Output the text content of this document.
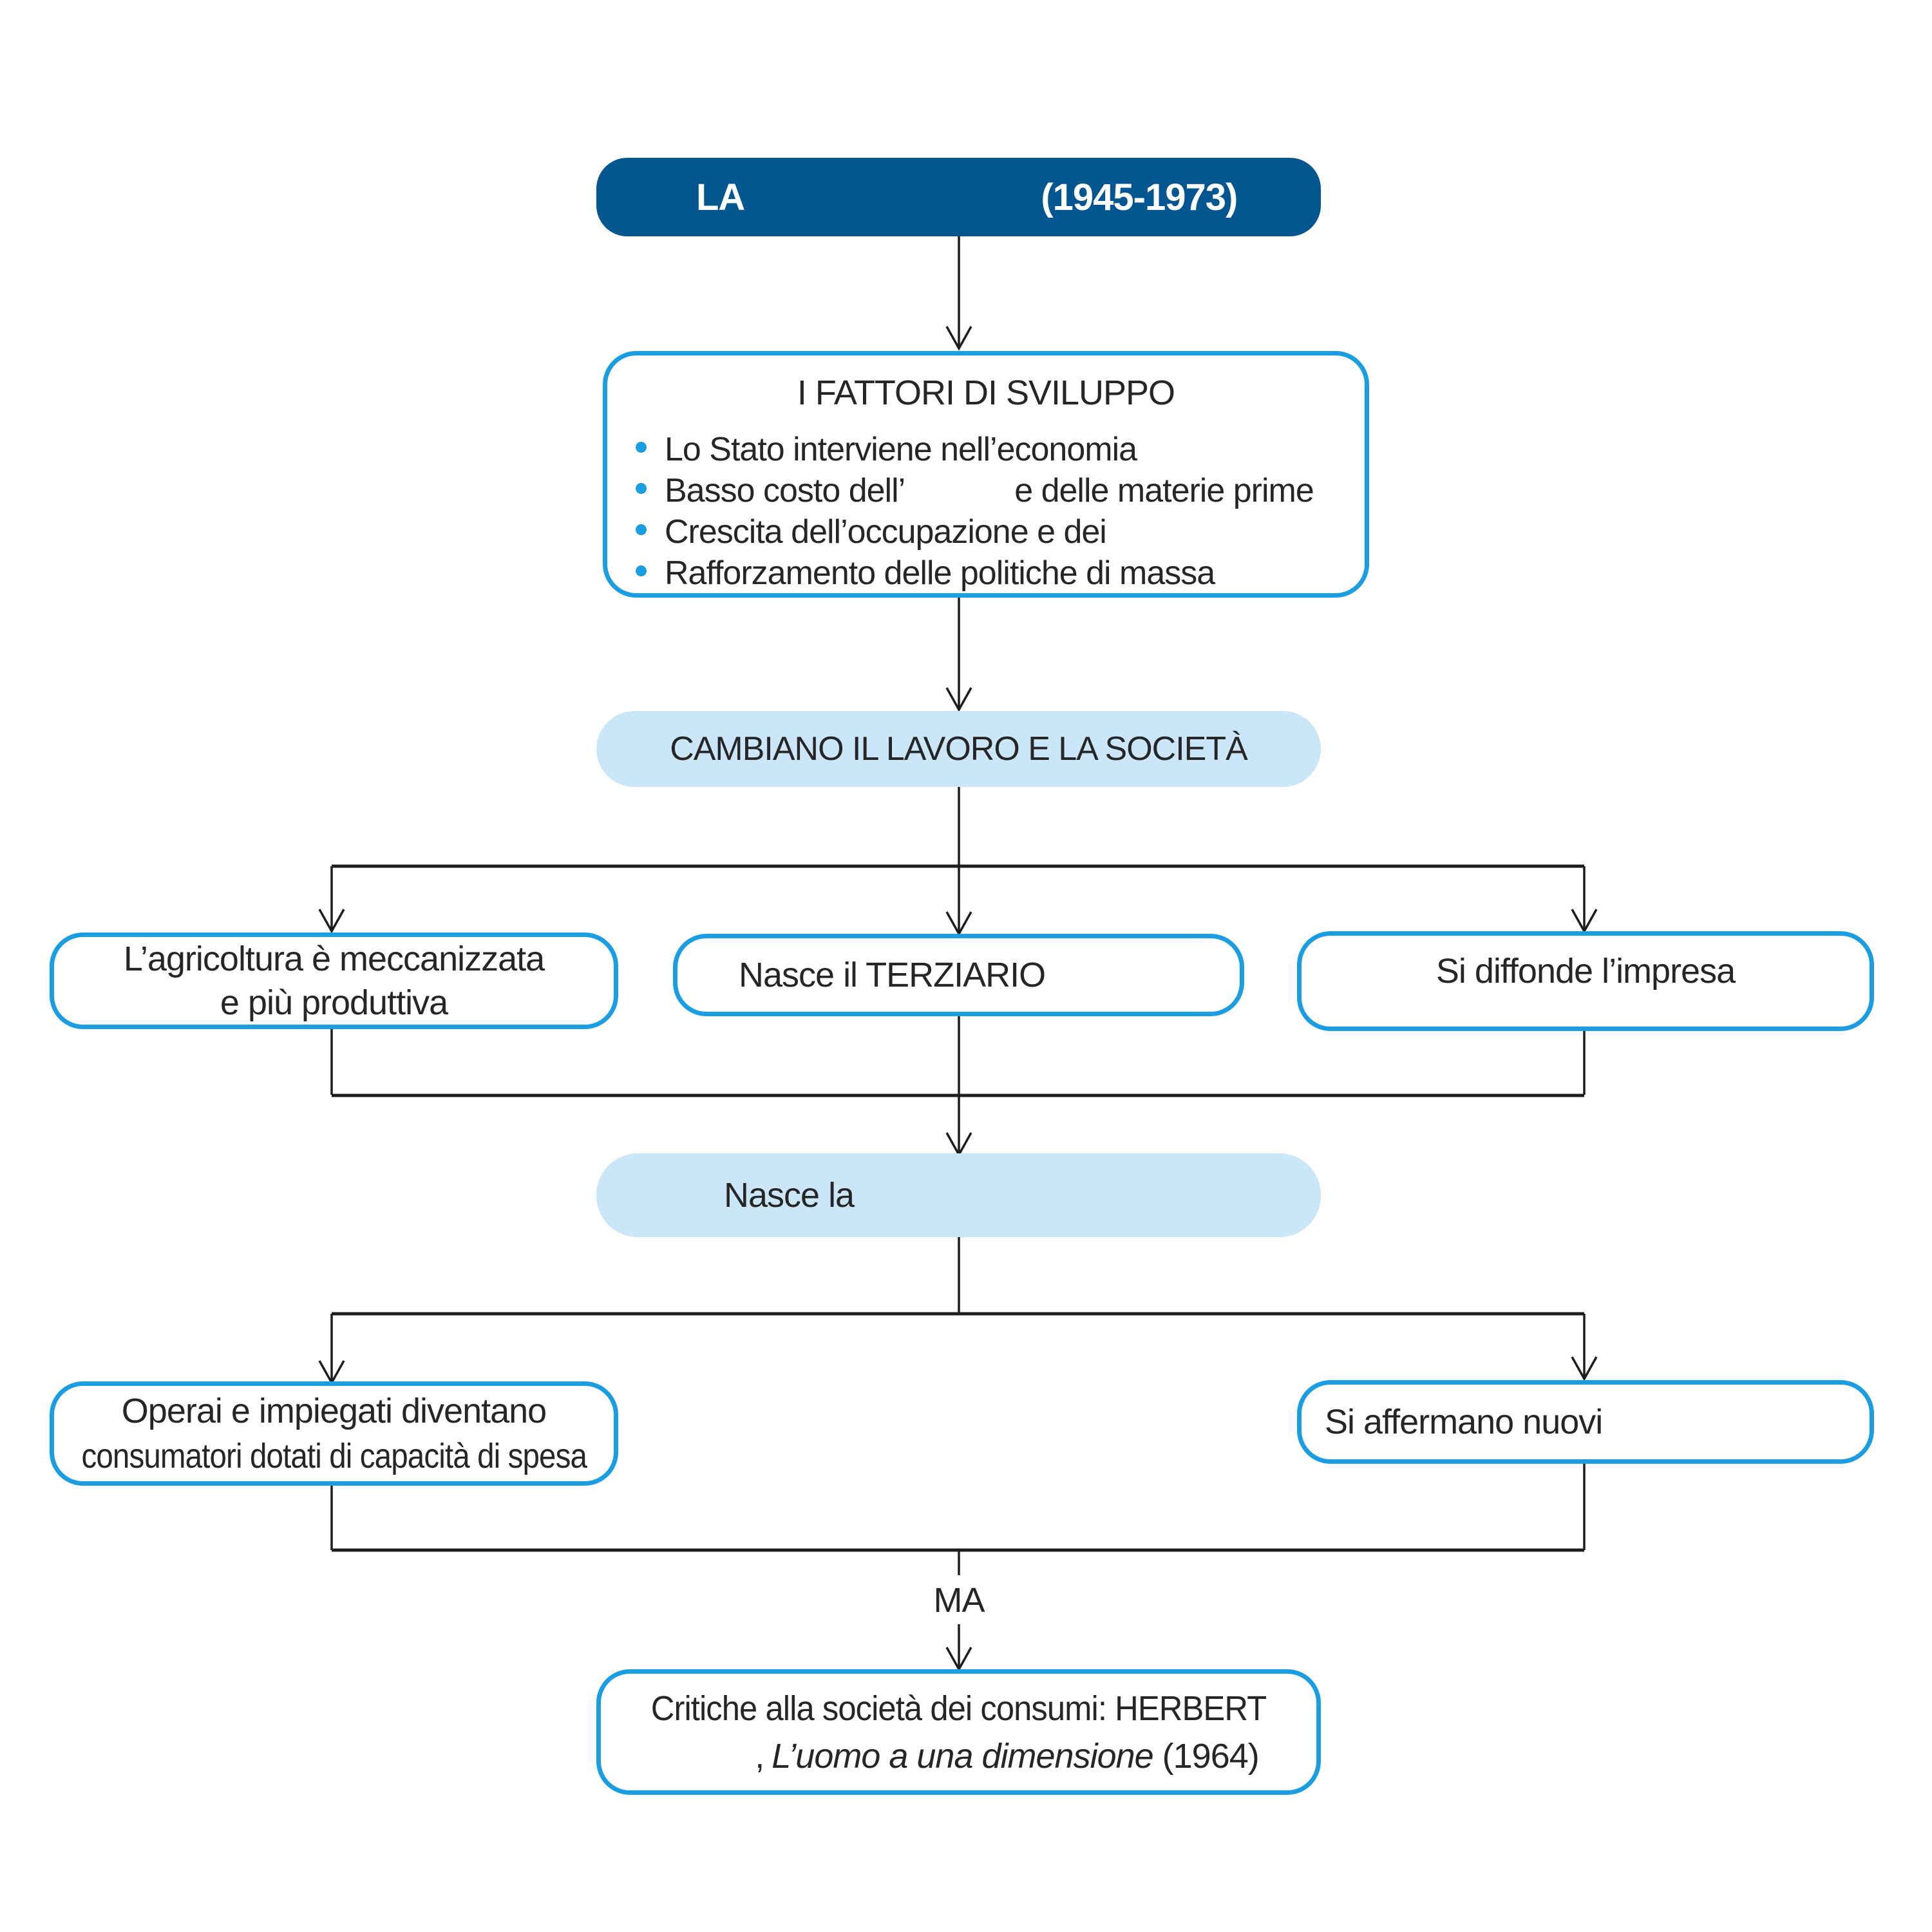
LA	(1945-1973)
I FATTORI DI SVILUPPO
Lo Stato interviene nell’economia
Basso costo dell’	e delle materie prime
Crescita dell’occupazione e dei
Rafforzamento delle politiche di massa
CAMBIANO IL LAVORO E LA SOCIETÀ
L’agricoltura è meccanizzata
e più produttiva
Nasce il TERZIARIO	Si diffonde l’impresa
Nasce la
Operai e impiegati diventano
consumatori dotati di capacità di spesa
Si affermano nuovi
MA
Critiche alla società dei consumi: HERBERT
, L’uomo a una dimensione (1964)
